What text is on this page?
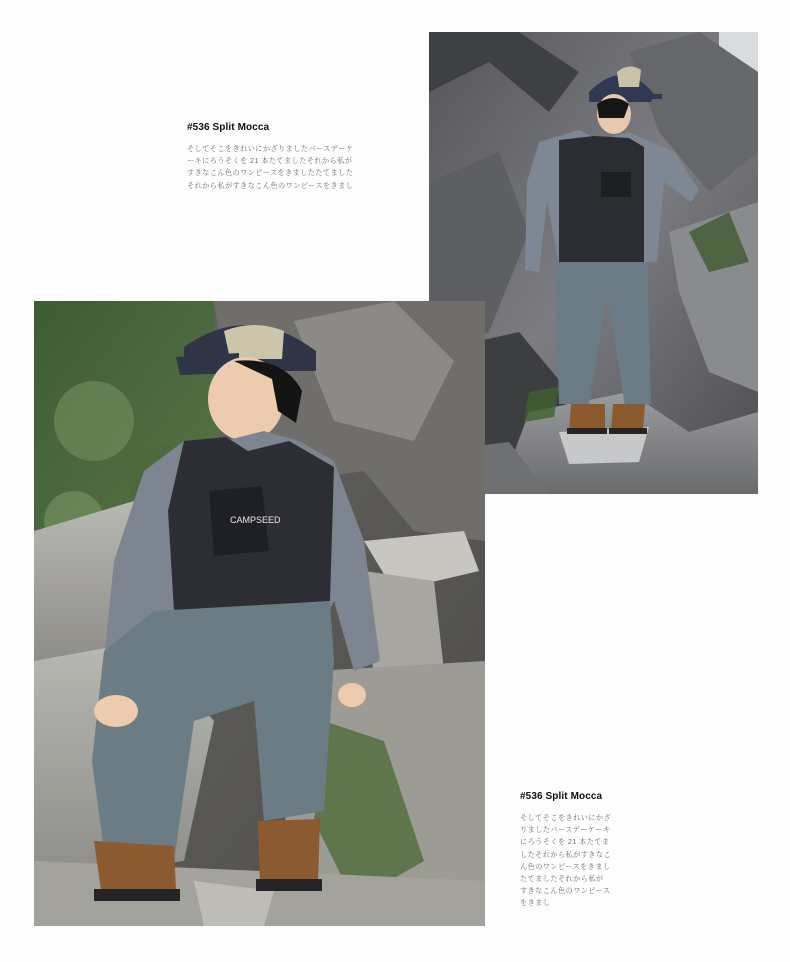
#536 Split Mocca

そしてそこをきれいにかざりましたバースデーケ
ーキにろうそくを 21 本たてましたそれから私が
すきなこん色のワンピースをきましたたてました
それから私がすきなこん色のワンピースをきまし

CAMPSEED
#536 Split Mocca

そしてそこをきれいにかざ
りましたバースデーケーキ
にろうそくを 21 本たてま
したそれから私がすきなこ
ん色のワンピースをきまし
たてましたそれから私が
すきなこん色のワンピース
をきまし
